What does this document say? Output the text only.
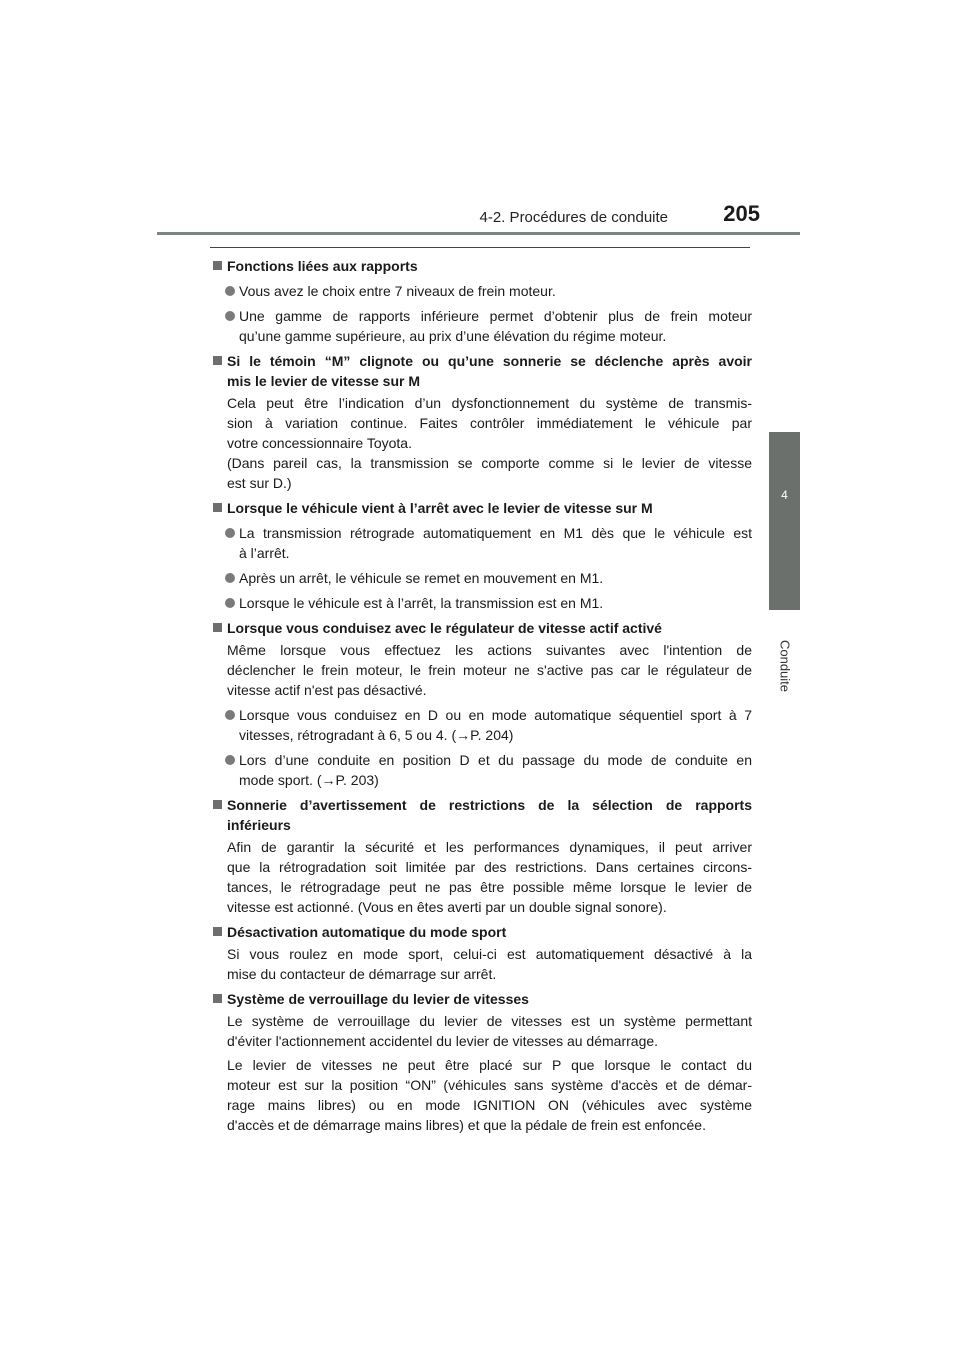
4-2. Procédures de conduite	205
4
Conduite
Fonctions liées aux rapports
Vous avez le choix entre 7 niveaux de frein moteur.
Une gamme de rapports inférieure permet d’obtenir plus de frein moteur
qu’une gamme supérieure, au prix d’une élévation du régime moteur.
Si le témoin “M” clignote ou qu’une sonnerie se déclenche après avoir
mis le levier de vitesse sur M
Cela peut être l’indication d’un dysfonctionnement du système de transmis-
sion à variation continue. Faites contrôler immédiatement le véhicule par
votre concessionnaire Toyota.
(Dans pareil cas, la transmission se comporte comme si le levier de vitesse
est sur D.)
Lorsque le véhicule vient à l’arrêt avec le levier de vitesse sur M
La transmission rétrograde automatiquement en M1 dès que le véhicule est
à l’arrêt.
Après un arrêt, le véhicule se remet en mouvement en M1.
Lorsque le véhicule est à l’arrêt, la transmission est en M1.
Lorsque vous conduisez avec le régulateur de vitesse actif activé
Même lorsque vous effectuez les actions suivantes avec l'intention de
déclencher le frein moteur, le frein moteur ne s'active pas car le régulateur de
vitesse actif n'est pas désactivé.
Lorsque vous conduisez en D ou en mode automatique séquentiel sport à 7
vitesses, rétrogradant à 6, 5 ou 4. (→P. 204)
Lors d’une conduite en position D et du passage du mode de conduite en
mode sport. (→P. 203)
Sonnerie d’avertissement de restrictions de la sélection de rapports
inférieurs
Afin de garantir la sécurité et les performances dynamiques, il peut arriver
que la rétrogradation soit limitée par des restrictions. Dans certaines circons-
tances, le rétrogradage peut ne pas être possible même lorsque le levier de
vitesse est actionné. (Vous en êtes averti par un double signal sonore).
Désactivation automatique du mode sport
Si vous roulez en mode sport, celui-ci est automatiquement désactivé à la
mise du contacteur de démarrage sur arrêt.
Système de verrouillage du levier de vitesses
Le système de verrouillage du levier de vitesses est un système permettant
d'éviter l'actionnement accidentel du levier de vitesses au démarrage.
Le levier de vitesses ne peut être placé sur P que lorsque le contact du
moteur est sur la position “ON” (véhicules sans système d'accès et de démar-
rage mains libres) ou en mode IGNITION ON (véhicules avec système
d'accès et de démarrage mains libres) et que la pédale de frein est enfoncée.
